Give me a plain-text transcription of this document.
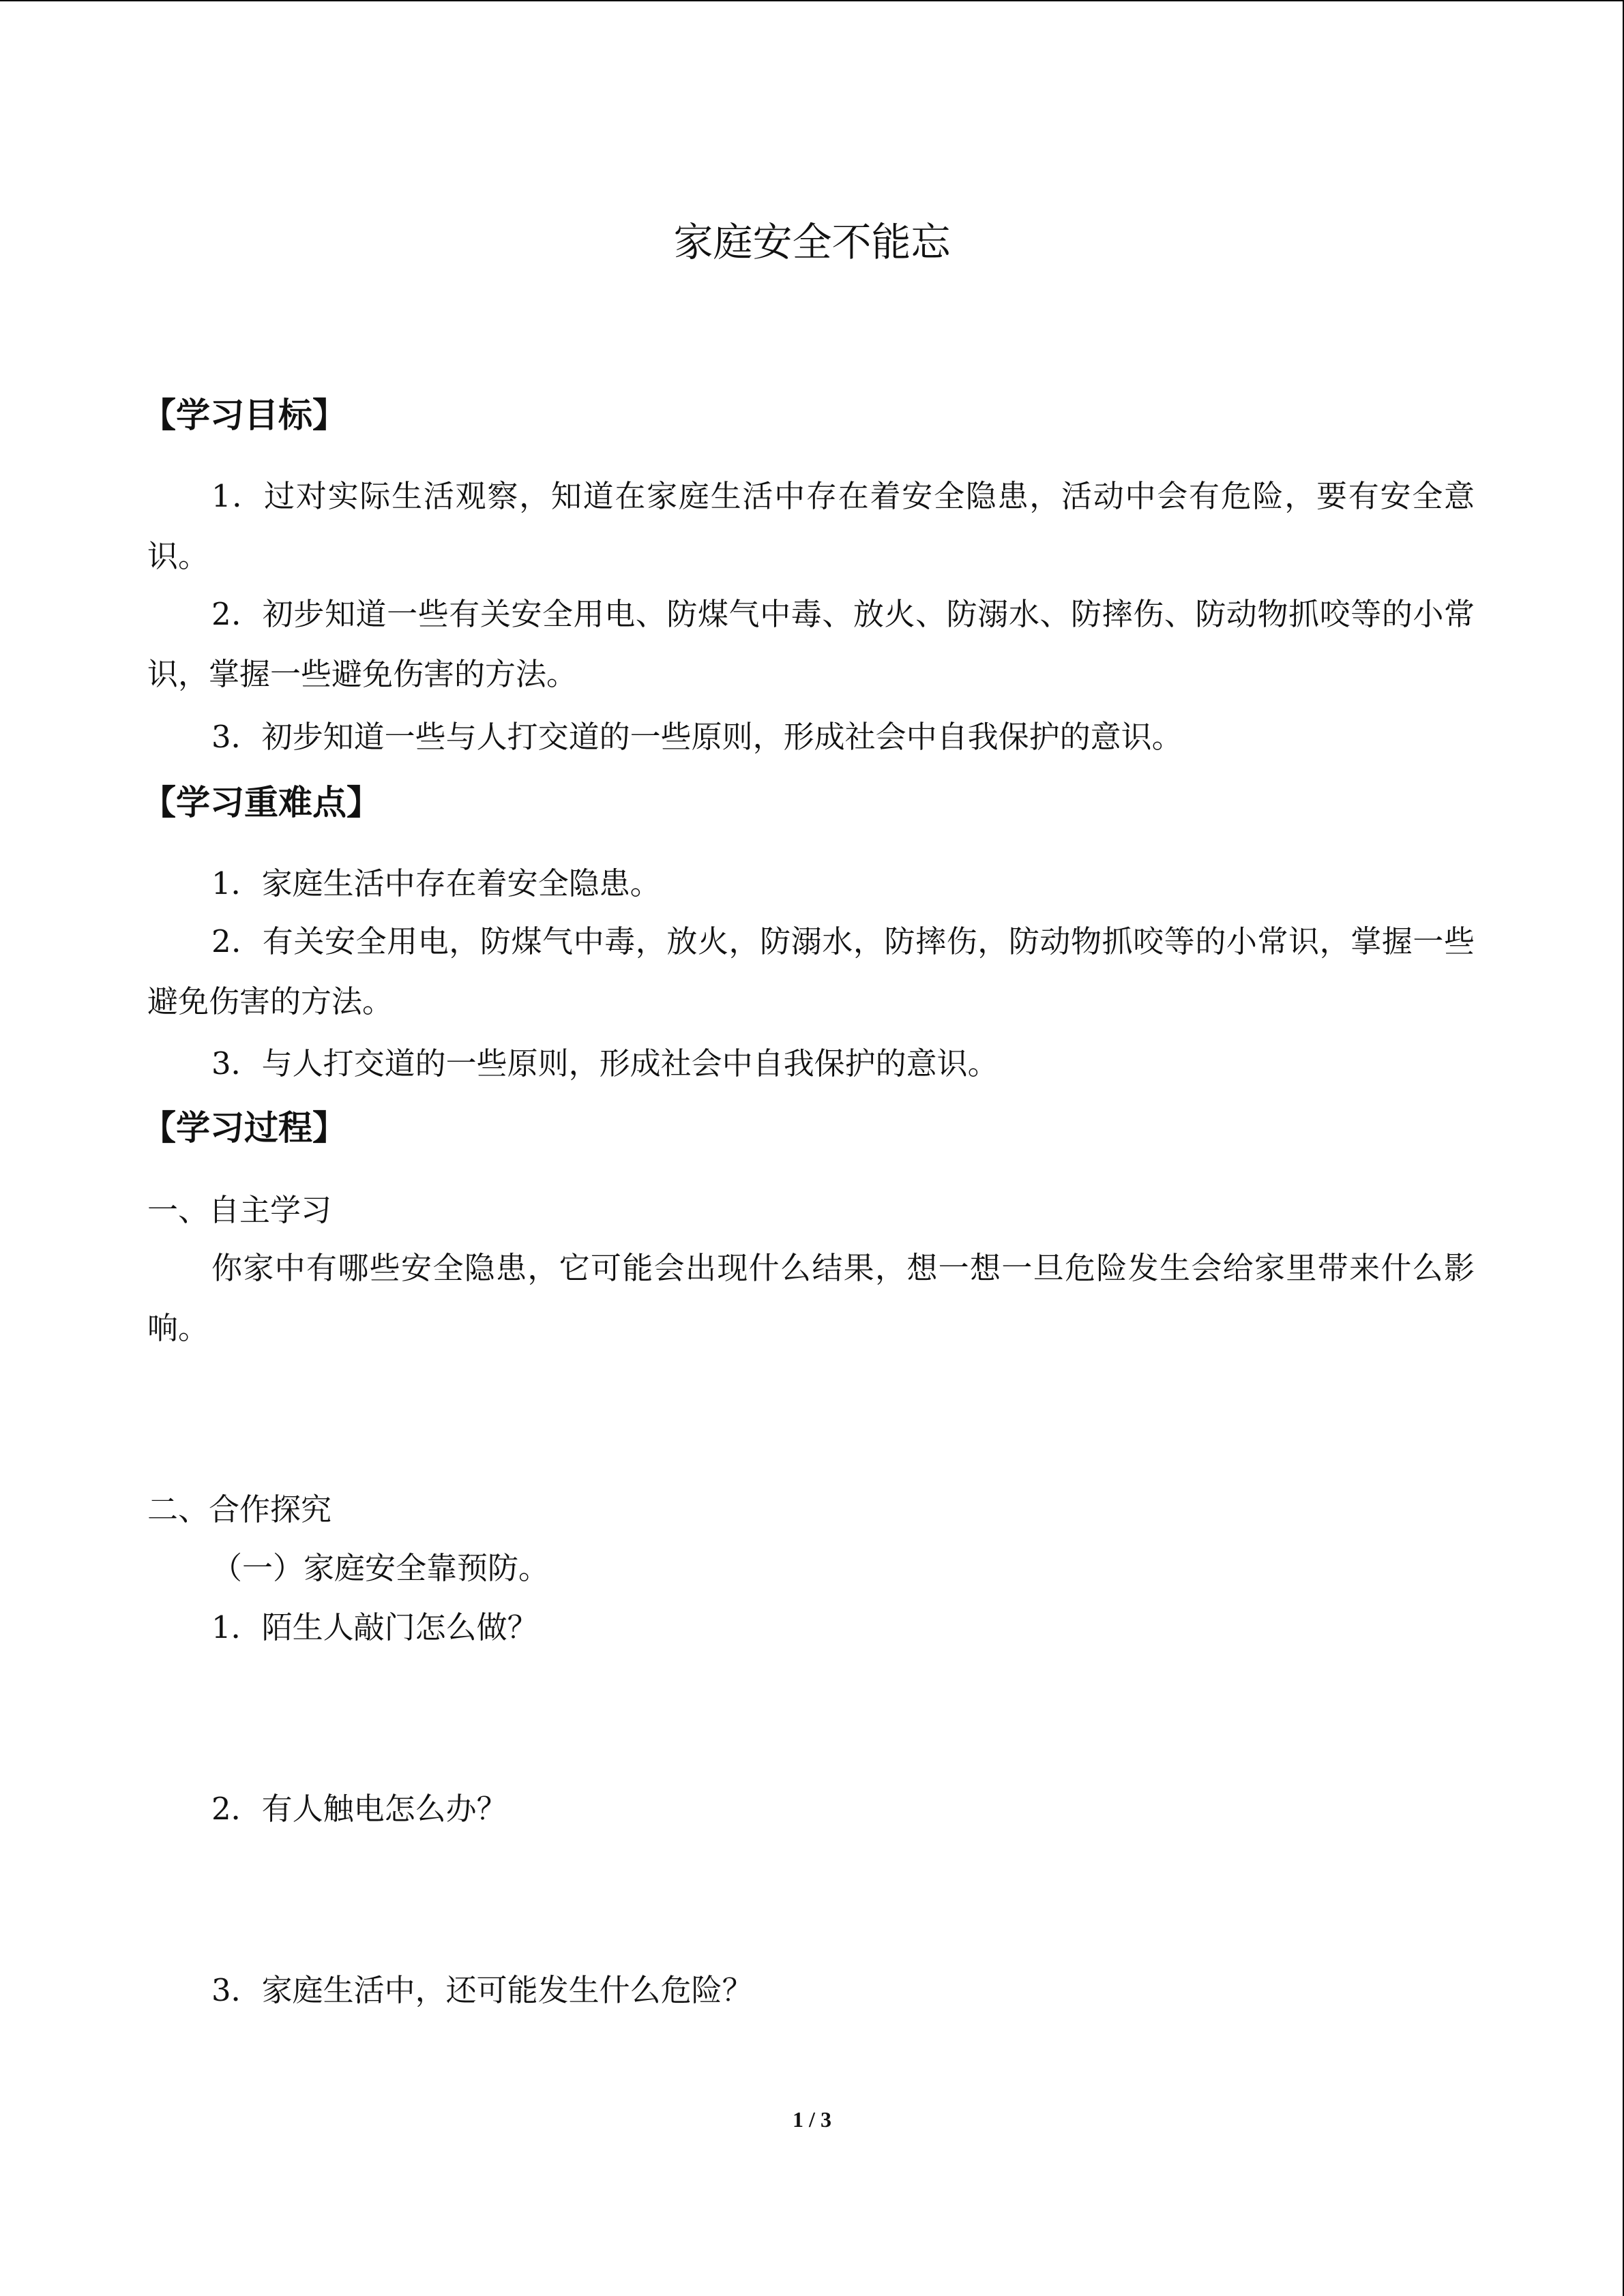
家庭安全不能忘
【学习目标】
1．过对实际生活观察，知道在家庭生活中存在着安全隐患，活动中会有危险，要有安全意识。
2．初步知道一些有关安全用电、防煤气中毒、放火、防溺水、防摔伤、防动物抓咬等的小常识，掌握一些避免伤害的方法。
3．初步知道一些与人打交道的一些原则，形成社会中自我保护的意识。
【学习重难点】
1．家庭生活中存在着安全隐患。
2．有关安全用电，防煤气中毒，放火，防溺水，防摔伤，防动物抓咬等的小常识，掌握一些避免伤害的方法。
3．与人打交道的一些原则，形成社会中自我保护的意识。
【学习过程】
一、自主学习
你家中有哪些安全隐患，它可能会出现什么结果，想一想一旦危险发生会给家里带来什么影响。
二、合作探究
（一）家庭安全靠预防。
1．陌生人敲门怎么做？
2．有人触电怎么办？
3．家庭生活中，还可能发生什么危险？
1 / 3
